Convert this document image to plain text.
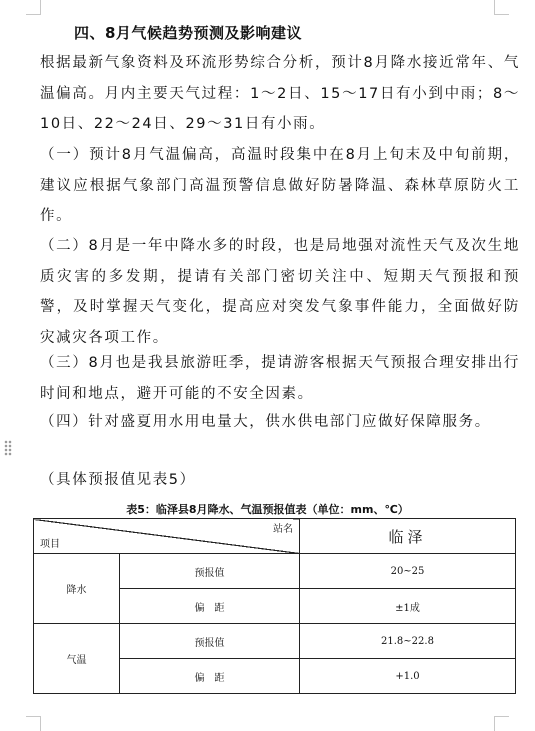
四、8月气候趋势预测及影响建议
根据最新气象资料及环流形势综合分析，预计8月降水接近常年、气温偏高。月内主要天气过程：1～2日、15～17日有小到中雨；8～10日、22～24日、29～31日有小雨。
（一）预计8月气温偏高，高温时段集中在8月上旬末及中旬前期，建议应根据气象部门高温预警信息做好防暑降温、森林草原防火工作。
（二）8月是一年中降水多的时段，也是局地强对流性天气及次生地质灾害的多发期，提请有关部门密切关注中、短期天气预报和预警，及时掌握天气变化，提高应对突发气象事件能力，全面做好防灾减灾各项工作。
（三）8月也是我县旅游旺季，提请游客根据天气预报合理安排出行时间和地点，避开可能的不安全因素。
（四）针对盛夏用水用电量大，供水供电部门应做好保障服务。
（具体预报值见表5）
表5：临泽县8月降水、气温预报值表（单位：mm、℃）
站名
项目		临泽
降水	预报值	20~25
	偏　距	±1成
气温	预报值	21.8~22.8
	偏　距	+1.0
